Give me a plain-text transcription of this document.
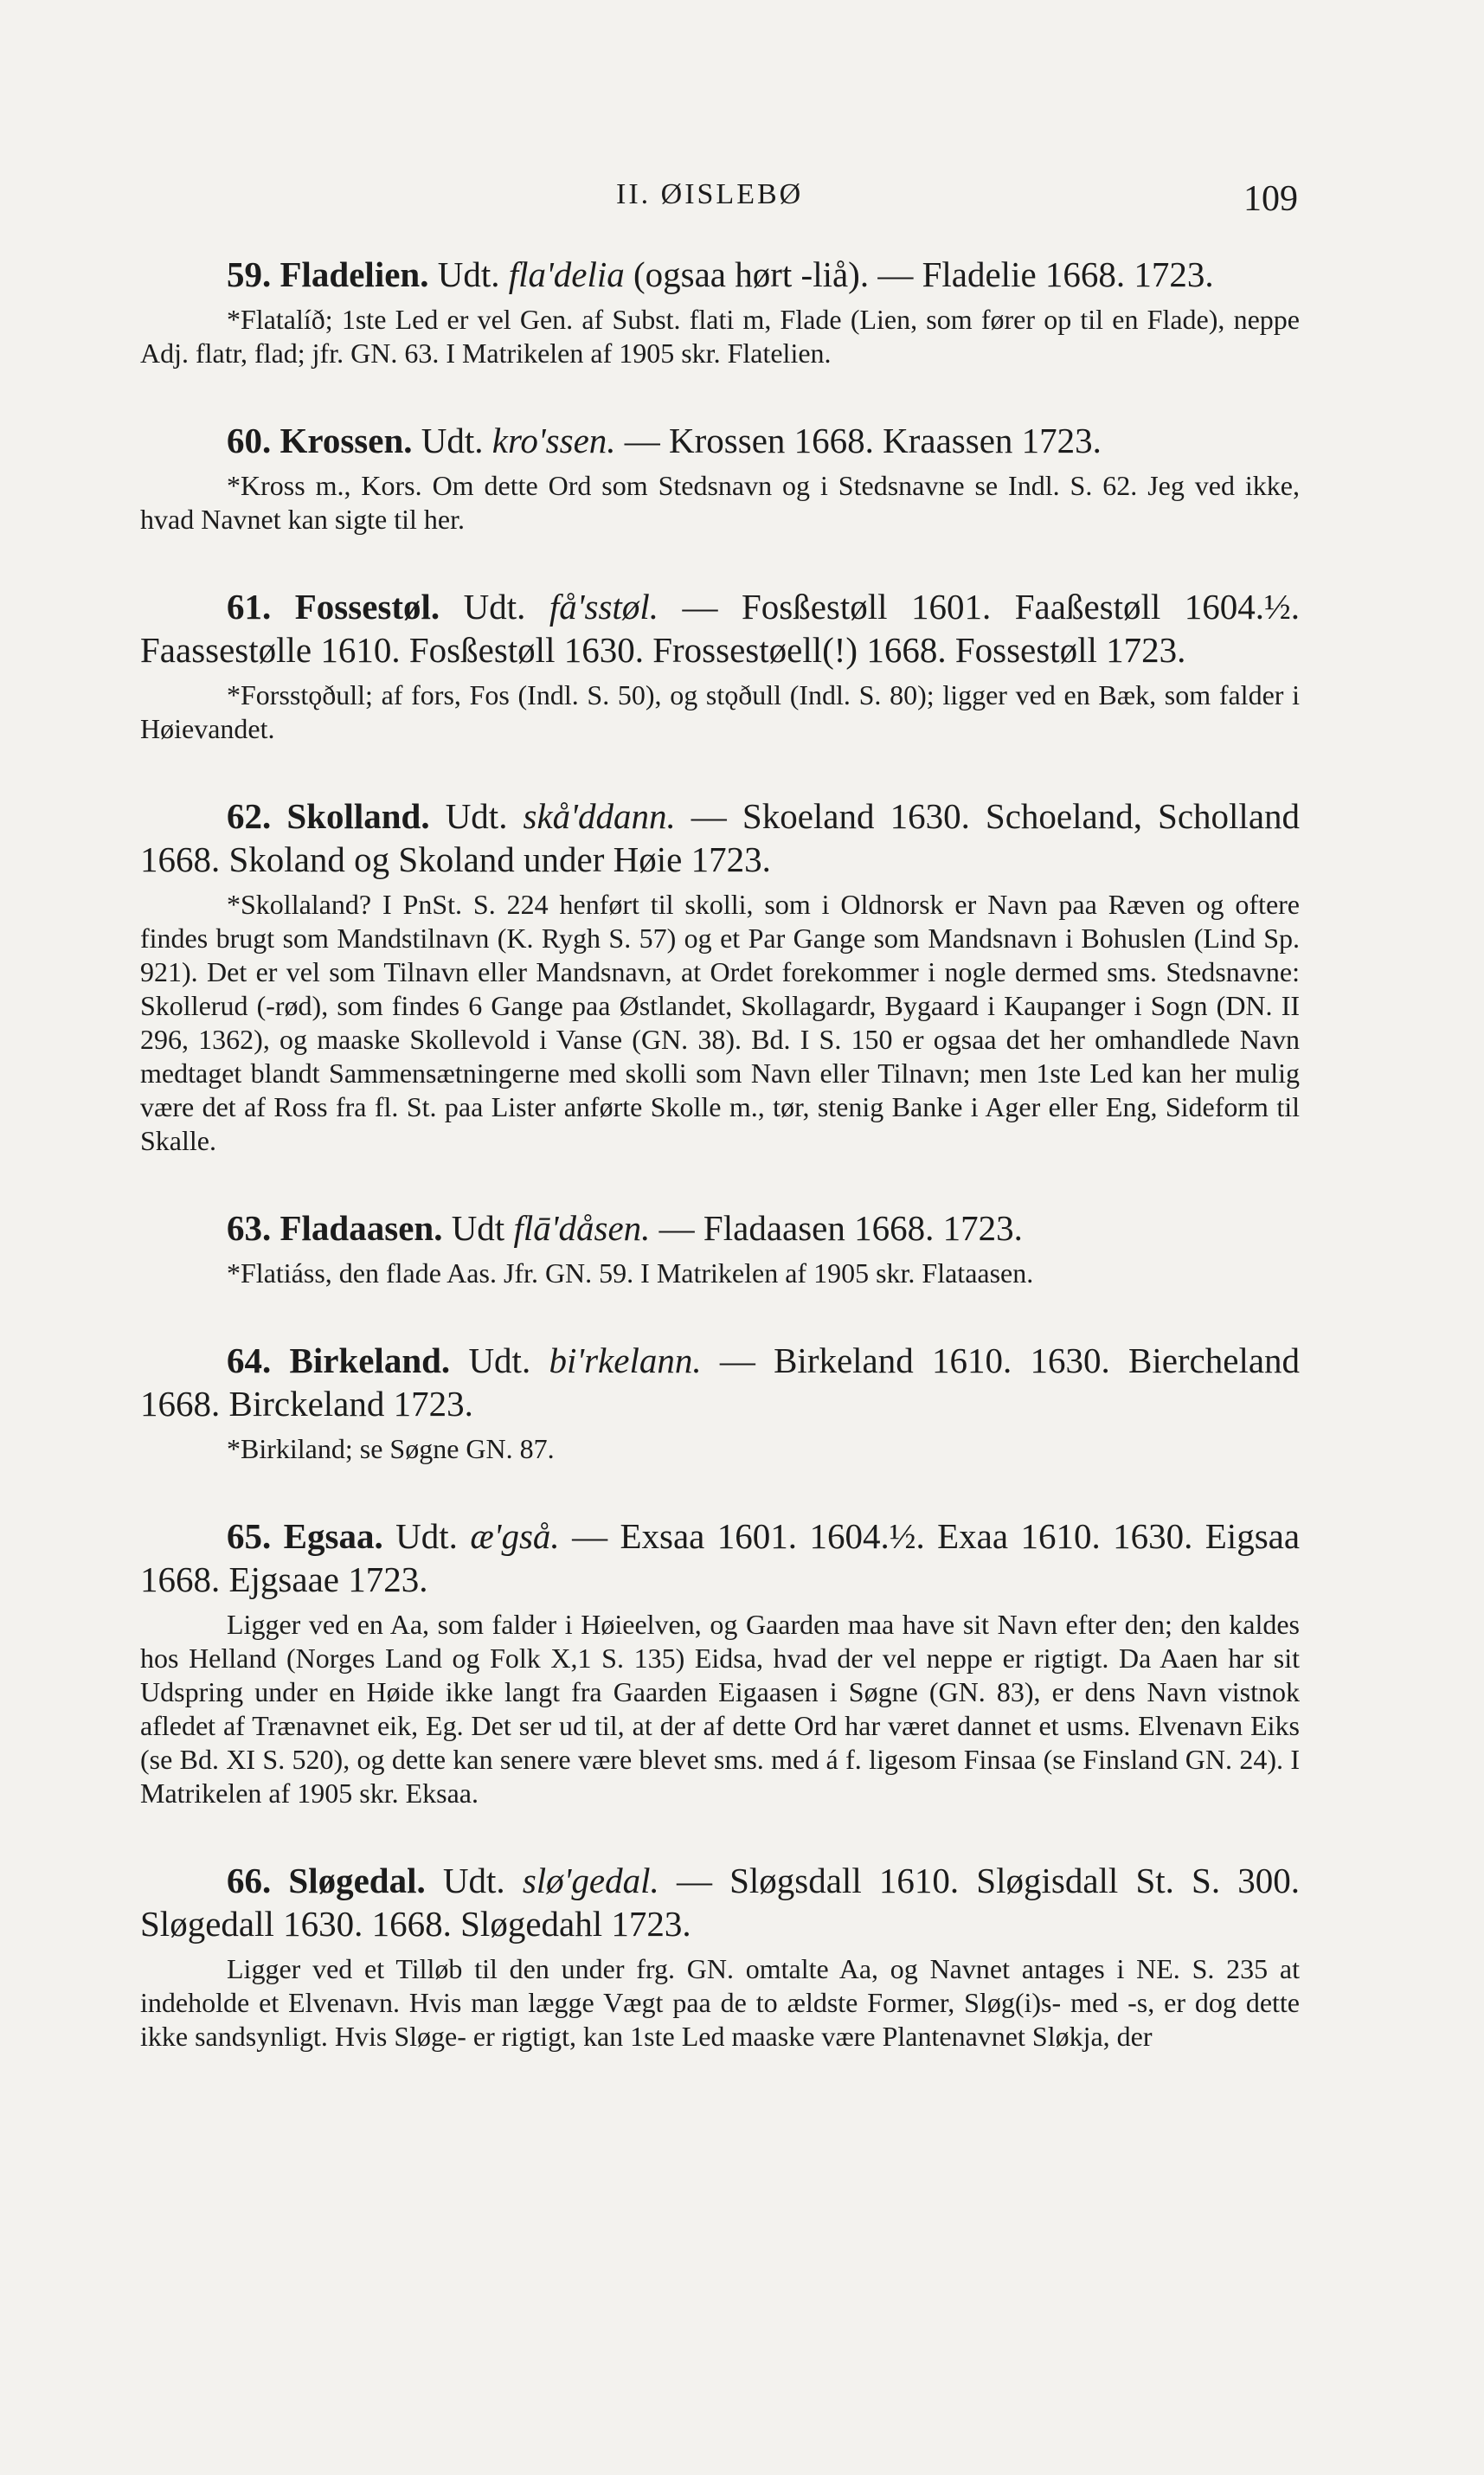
II. ØISLEBØ	109

59. Fladelien. Udt. fla'delia (ogsaa hørt -liå). — Fladelie 1668. 1723.

*Flatalíð; 1ste Led er vel Gen. af Subst. flati m, Flade (Lien, som fører op til en Flade), neppe Adj. flatr, flad; jfr. GN. 63. I Matrikelen af 1905 skr. Flatelien.

60. Krossen. Udt. kro'ssen. — Krossen 1668. Kraassen 1723.

*Kross m., Kors. Om dette Ord som Stedsnavn og i Stedsnavne se Indl. S. 62. Jeg ved ikke, hvad Navnet kan sigte til her.

61. Fossestøl. Udt. få'sstøl. — Fosßestøll 1601. Faaßestøll 1604.½. Faassestølle 1610. Fosßestøll 1630. Frossestøell(!) 1668. Fossestøll 1723.

*Forsstǫðull; af fors, Fos (Indl. S. 50), og stǫðull (Indl. S. 80); ligger ved en Bæk, som falder i Høievandet.

62. Skolland. Udt. skå'ddann. — Skoeland 1630. Schoeland, Scholland 1668. Skoland og Skoland under Høie 1723.

*Skollaland? I PnSt. S. 224 henført til skolli, som i Oldnorsk er Navn paa Ræven og oftere findes brugt som Mandstilnavn (K. Rygh S. 57) og et Par Gange som Mandsnavn i Bohuslen (Lind Sp. 921). Det er vel som Tilnavn eller Mandsnavn, at Ordet forekommer i nogle dermed sms. Stedsnavne: Skollerud (-rød), som findes 6 Gange paa Østlandet, Skollagardr, Bygaard i Kaupanger i Sogn (DN. II 296, 1362), og maaske Skollevold i Vanse (GN. 38). Bd. I S. 150 er ogsaa det her omhandlede Navn medtaget blandt Sammensætningerne med skolli som Navn eller Tilnavn; men 1ste Led kan her mulig være det af Ross fra fl. St. paa Lister anførte Skolle m., tør, stenig Banke i Ager eller Eng, Sideform til Skalle.

63. Fladaasen. Udt flā'dåsen. — Fladaasen 1668. 1723.

*Flatiáss, den flade Aas. Jfr. GN. 59. I Matrikelen af 1905 skr. Flataasen.

64. Birkeland. Udt. bi'rkelann. — Birkeland 1610. 1630. Biercheland 1668. Birckeland 1723.

*Birkiland; se Søgne GN. 87.

65. Egsaa. Udt. æ'gså. — Exsaa 1601. 1604.½. Exaa 1610. 1630. Eigsaa 1668. Ejgsaae 1723.

Ligger ved en Aa, som falder i Høieelven, og Gaarden maa have sit Navn efter den; den kaldes hos Helland (Norges Land og Folk X,1 S. 135) Eidsa, hvad der vel neppe er rigtigt. Da Aaen har sit Udspring under en Høide ikke langt fra Gaarden Eigaasen i Søgne (GN. 83), er dens Navn vistnok afledet af Trænavnet eik, Eg. Det ser ud til, at der af dette Ord har været dannet et usms. Elvenavn Eiks (se Bd. XI S. 520), og dette kan senere være blevet sms. med á f. ligesom Finsaa (se Finsland GN. 24). I Matrikelen af 1905 skr. Eksaa.

66. Sløgedal. Udt. slø'gedal. — Sløgsdall 1610. Sløgisdall St. S. 300. Sløgedall 1630. 1668. Sløgedahl 1723.

Ligger ved et Tilløb til den under frg. GN. omtalte Aa, og Navnet antages i NE. S. 235 at indeholde et Elvenavn. Hvis man lægge Vægt paa de to ældste Former, Sløg(i)s- med -s, er dog dette ikke sandsynligt. Hvis Sløge- er rigtigt, kan 1ste Led maaske være Plantenavnet Sløkja, der
